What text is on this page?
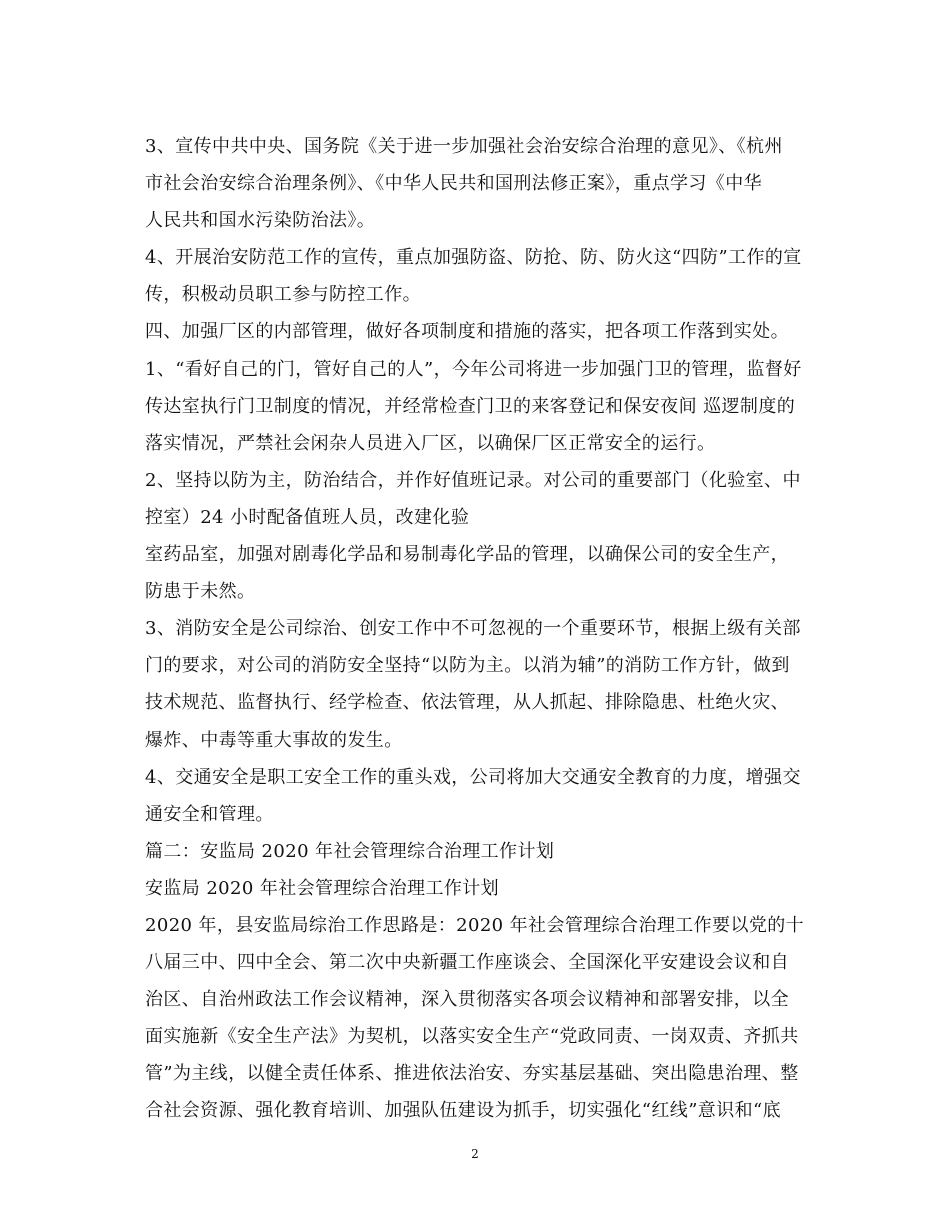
3、宣传中共中央、国务院《关于进一步加强社会治安综合治理的意见》、《杭州
市社会治安综合治理条例》、《中华人民共和国刑法修正案》，重点学习《中华
人民共和国水污染防治法》。
4、开展治安防范工作的宣传，重点加强防盗、防抢、防、防火这“四防”工作的宣
传，积极动员职工参与防控工作。
四、加强厂区的内部管理，做好各项制度和措施的落实，把各项工作落到实处。
1、“看好自己的门，管好自己的人”，今年公司将进一步加强门卫的管理，监督好
传达室执行门卫制度的情况，并经常检查门卫的来客登记和保安夜间 巡逻制度的
落实情况，严禁社会闲杂人员进入厂区，以确保厂区正常安全的运行。
2、坚持以防为主，防治结合，并作好值班记录。对公司的重要部门（化验室、中
控室）24 小时配备值班人员，改建化验
室药品室，加强对剧毒化学品和易制毒化学品的管理，以确保公司的安全生产，
防患于未然。
3、消防安全是公司综治、创安工作中不可忽视的一个重要环节，根据上级有关部
门的要求，对公司的消防安全坚持“以防为主。以消为辅”的消防工作方针，做到
技术规范、监督执行、经学检查、依法管理，从人抓起、排除隐患、杜绝火灾、
爆炸、中毒等重大事故的发生。
4、交通安全是职工安全工作的重头戏，公司将加大交通安全教育的力度，增强交
通安全和管理。
篇二：安监局 2020 年社会管理综合治理工作计划
安监局 2020 年社会管理综合治理工作计划
2020 年，县安监局综治工作思路是：2020 年社会管理综合治理工作要以党的十
八届三中、四中全会、第二次中央新疆工作座谈会、全国深化平安建设会议和自
治区、自治州政法工作会议精神，深入贯彻落实各项会议精神和部署安排，以全
面实施新《安全生产法》为契机，以落实安全生产“党政同责、一岗双责、齐抓共
管”为主线，以健全责任体系、推进依法治安、夯实基层基础、突出隐患治理、整
合社会资源、强化教育培训、加强队伍建设为抓手，切实强化“红线”意识和“底
2
